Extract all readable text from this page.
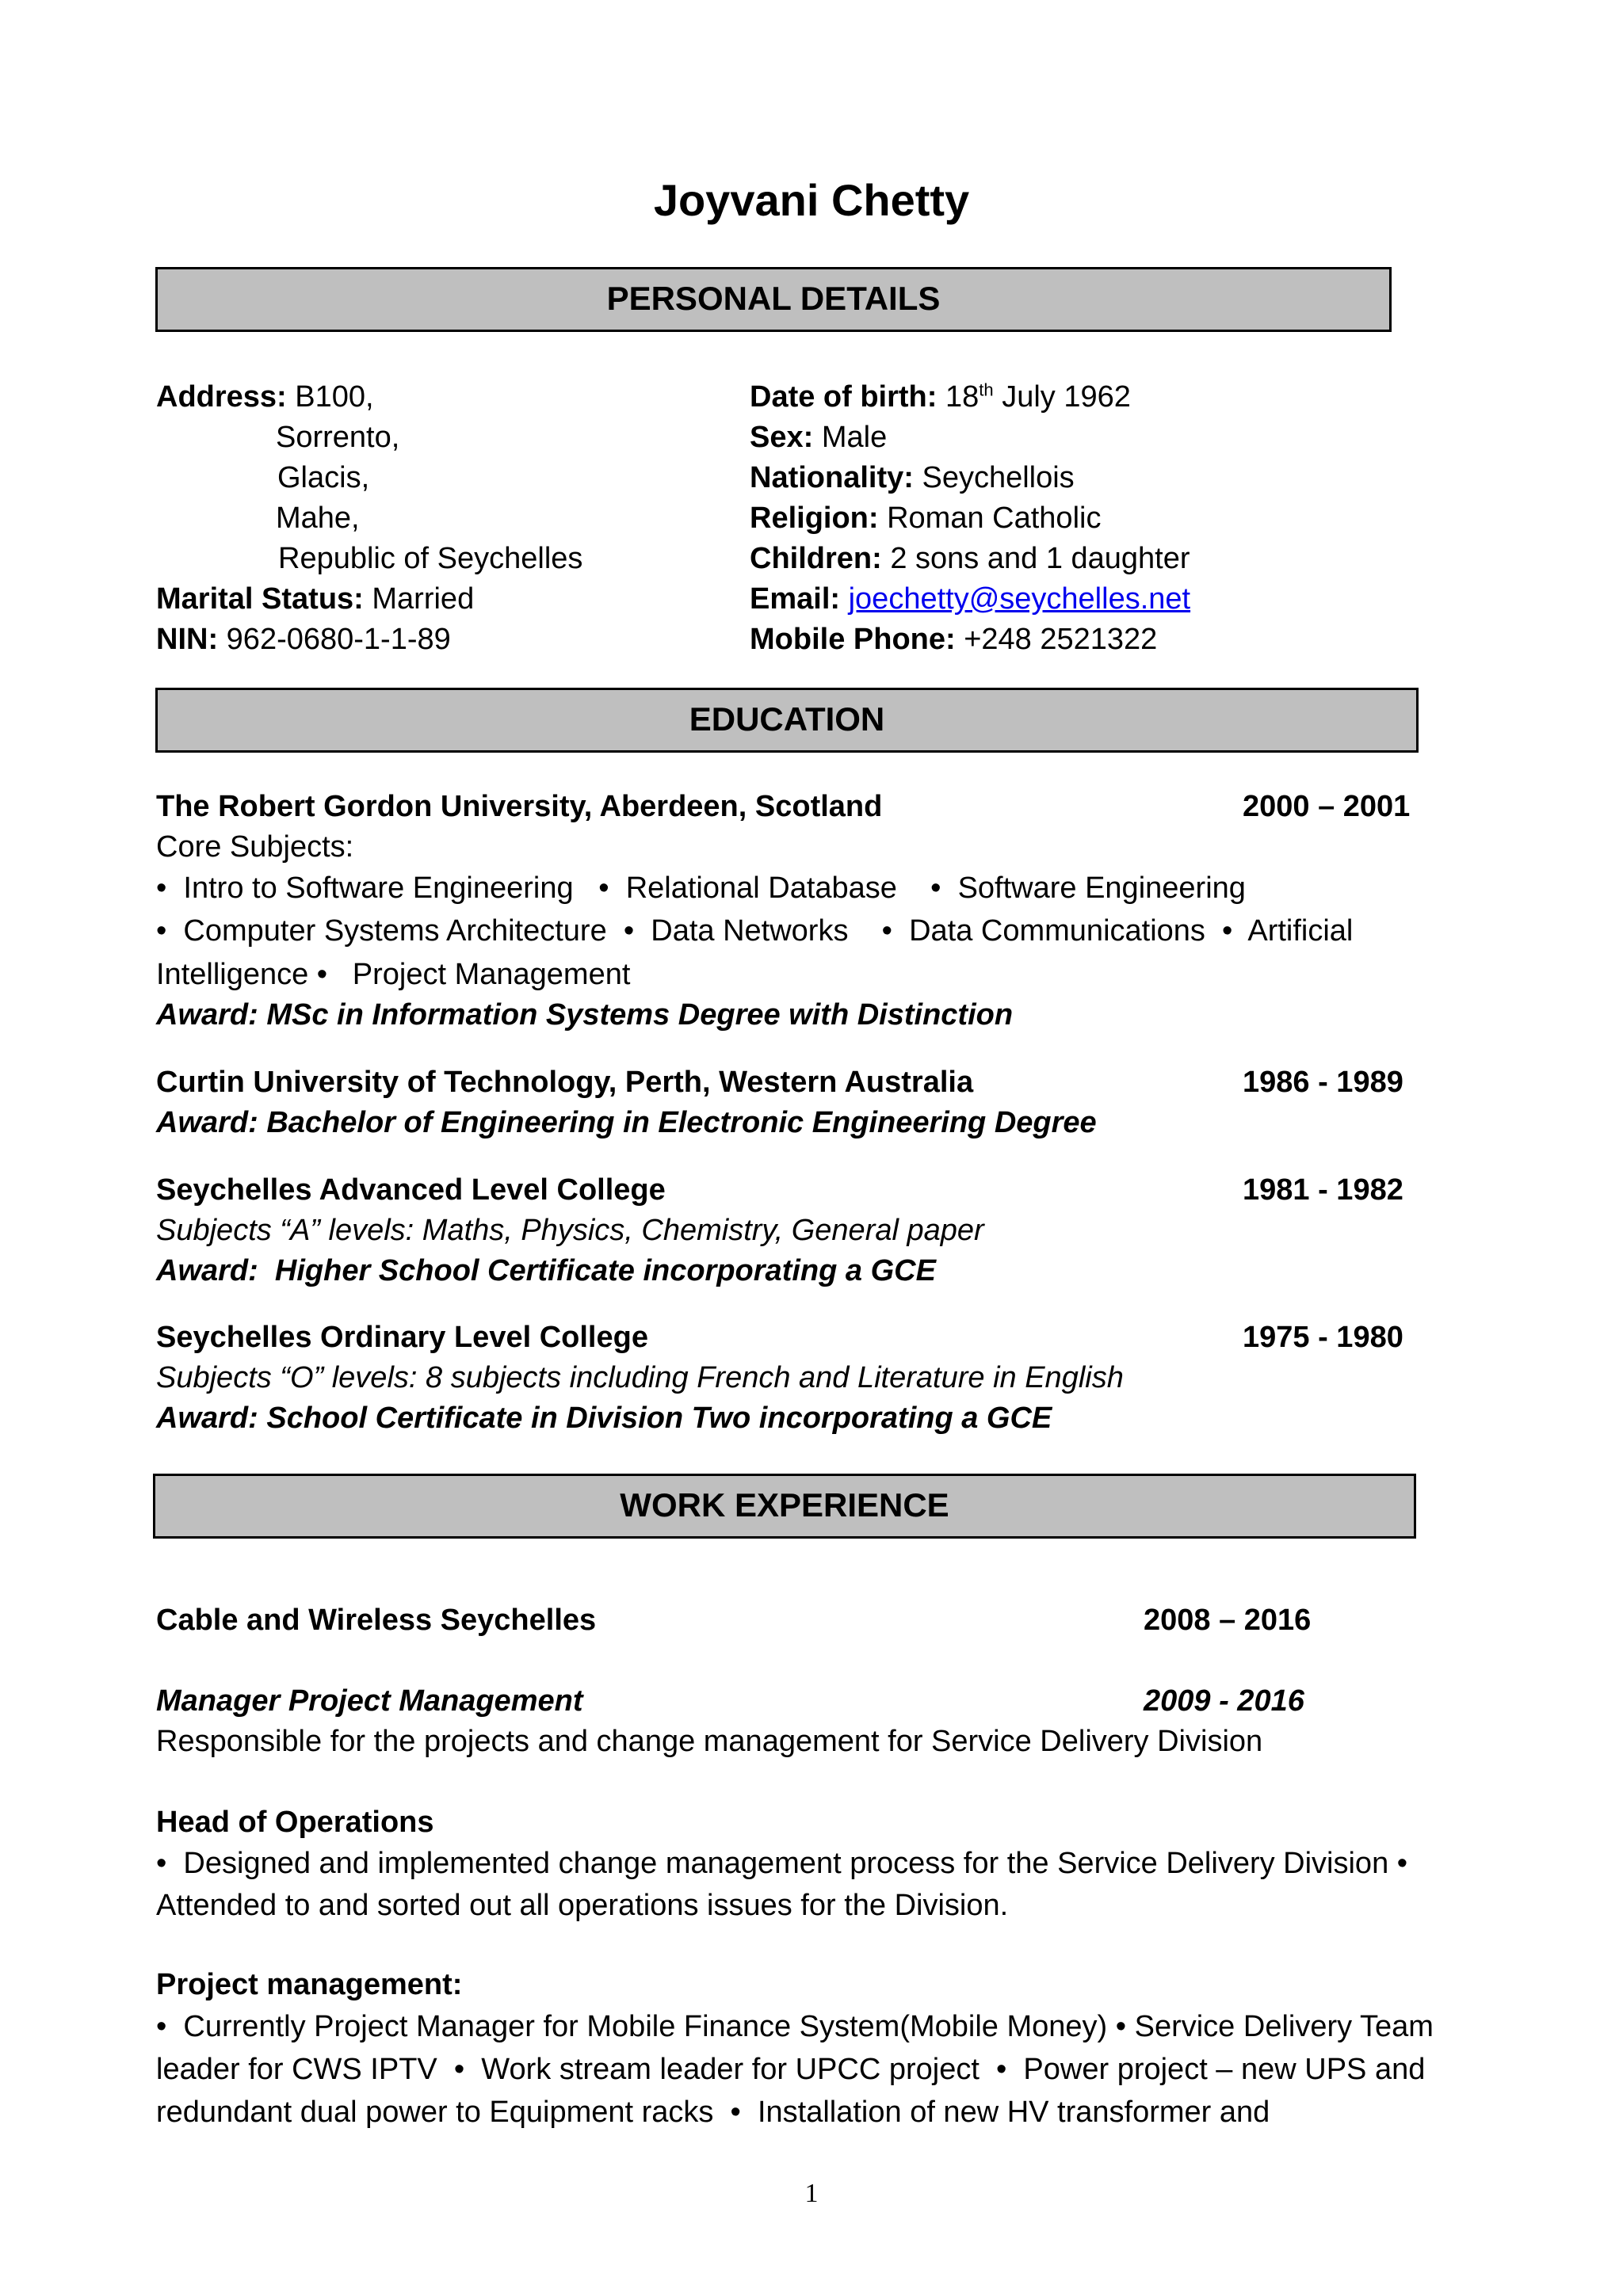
Joyvani Chetty
PERSONAL DETAILS
Address: B100,
Sorrento,
Glacis,
Mahe,
Republic of Seychelles
Marital Status: Married
NIN: 962-0680-1-1-89
Date of birth: 18th July 1962
Sex: Male
Nationality: Seychellois
Religion: Roman Catholic
Children: 2 sons and 1 daughter
Email: joechetty@seychelles.net
Mobile Phone: +248 2521322
EDUCATION
The Robert Gordon University, Aberdeen, Scotland	2000 – 2001
Core Subjects:
•  Intro to Software Engineering   •  Relational Database    •  Software Engineering
•  Computer Systems Architecture  •  Data Networks    •  Data Communications  •  Artificial
Intelligence •   Project Management
Award: MSc in Information Systems Degree with Distinction
Curtin University of Technology, Perth, Western Australia	1986 - 1989
Award: Bachelor of Engineering in Electronic Engineering Degree
Seychelles Advanced Level College	1981 - 1982
Subjects “A” levels: Maths, Physics, Chemistry, General paper
Award:  Higher School Certificate incorporating a GCE
Seychelles Ordinary Level College	1975 - 1980
Subjects “O” levels: 8 subjects including French and Literature in English
Award: School Certificate in Division Two incorporating a GCE
WORK EXPERIENCE
Cable and Wireless Seychelles	2008 – 2016
Manager Project Management	2009 - 2016
Responsible for the projects and change management for Service Delivery Division
Head of Operations
•  Designed and implemented change management process for the Service Delivery Division •
Attended to and sorted out all operations issues for the Division.
Project management:
•  Currently Project Manager for Mobile Finance System(Mobile Money) • Service Delivery Team
leader for CWS IPTV  •  Work stream leader for UPCC project  •  Power project – new UPS and
redundant dual power to Equipment racks  •  Installation of new HV transformer and
1
